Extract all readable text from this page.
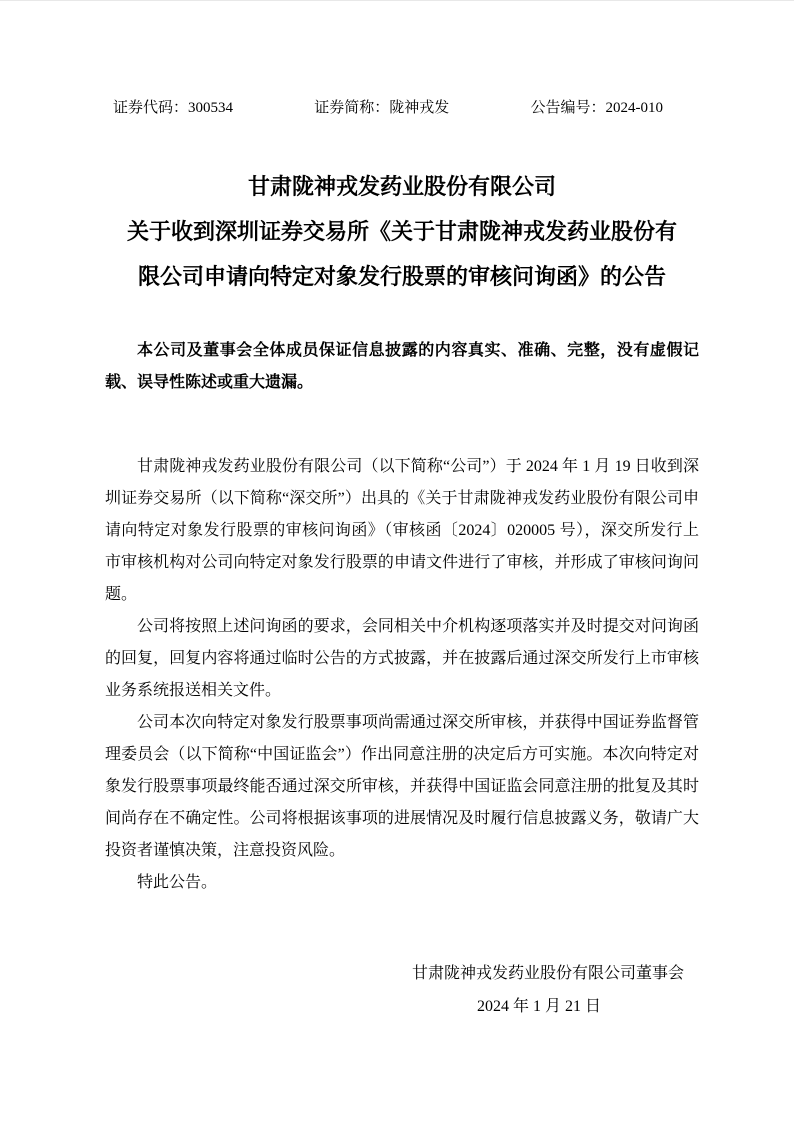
证券代码：300534	证券简称：陇神戎发	公告编号：2024-010
甘肃陇神戎发药业股份有限公司
关于收到深圳证券交易所《关于甘肃陇神戎发药业股份有
限公司申请向特定对象发行股票的审核问询函》的公告

本公司及董事会全体成员保证信息披露的内容真实、准确、完整，没有虚假记载、误导性陈述或重大遗漏。

甘肃陇神戎发药业股份有限公司（以下简称“公司”）于 2024 年 1 月 19 日收到深圳证券交易所（以下简称“深交所”）出具的《关于甘肃陇神戎发药业股份有限公司申请向特定对象发行股票的审核问询函》（审核函〔2024〕020005 号），深交所发行上市审核机构对公司向特定对象发行股票的申请文件进行了审核，并形成了审核问询问题。

公司将按照上述问询函的要求，会同相关中介机构逐项落实并及时提交对问询函的回复，回复内容将通过临时公告的方式披露，并在披露后通过深交所发行上市审核业务系统报送相关文件。

公司本次向特定对象发行股票事项尚需通过深交所审核，并获得中国证券监督管理委员会（以下简称“中国证监会”）作出同意注册的决定后方可实施。本次向特定对象发行股票事项最终能否通过深交所审核，并获得中国证监会同意注册的批复及其时间尚存在不确定性。公司将根据该事项的进展情况及时履行信息披露义务，敬请广大投资者谨慎决策，注意投资风险。

特此公告。

甘肃陇神戎发药业股份有限公司董事会
2024 年 1 月 21 日
